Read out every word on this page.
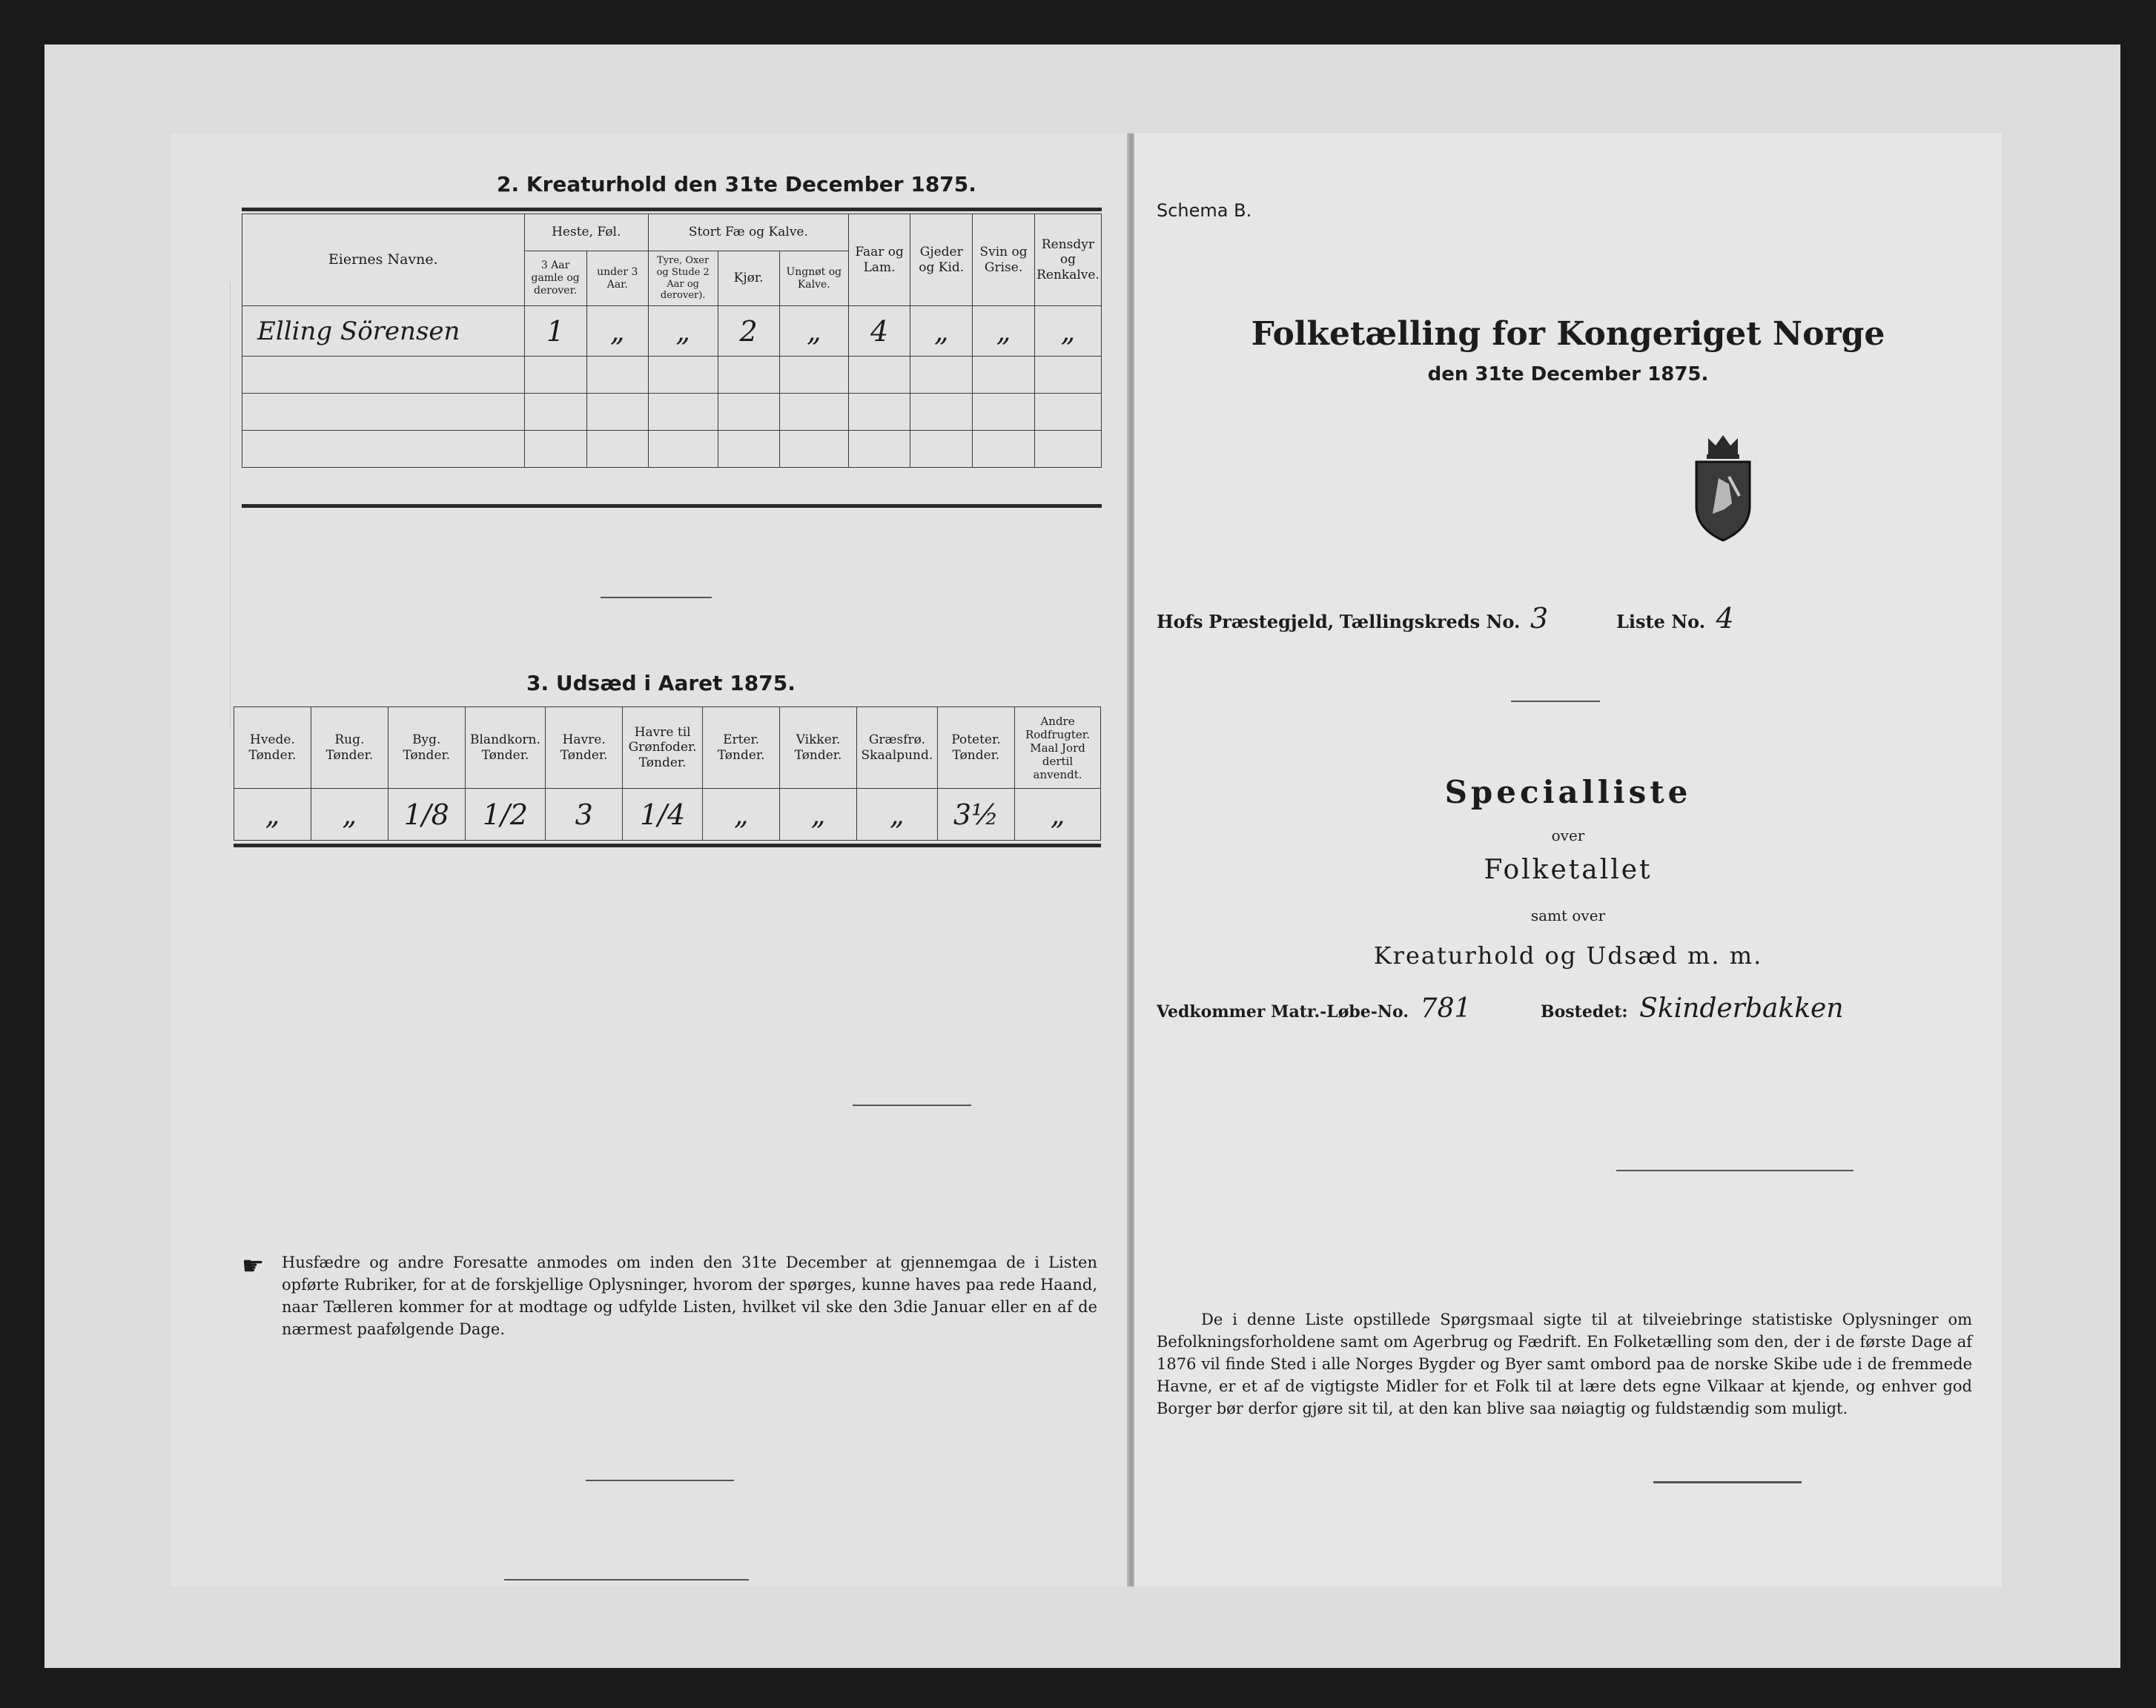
2. Kreaturhold den 31te December 1875.
Eiernes Navne.	Heste, Føl.		Stort Fæ og Kalve.			Faar og Lam.	Gjeder og Kid.	Svin og Grise.	Rensdyr og Renkalve.
	3 Aar gamle og derover.	under 3 Aar.	Tyre, Oxer og Stude 2 Aar og derover).	Kjør.	Ungnøt og Kalve.				
Elling Sörensen	1	„	„	2	„	4	„	„	„

3. Udsæd i Aaret 1875.
Hvede. Tønder.	Rug. Tønder.	Byg. Tønder.	Blandkorn. Tønder.	Havre. Tønder.	Havre til Grønfoder. Tønder.	Erter. Tønder.	Vikker. Tønder.	Græsfrø. Skaalpund.	Poteter. Tønder.	Andre Rodfrugter. Maal Jord dertil anvendt.
„	„	1/8	1/2	3	1/4	„	„	„	3½	„
☛ Husfædre og andre Foresatte anmodes om inden den 31te December at gjennemgaa de i Listen opførte Rubriker, for at de forskjellige Oplysninger, hvorom der spørges, kunne haves paa rede Haand, naar Tælleren kommer for at modtage og udfylde Listen, hvilket vil ske den 3die Januar eller en af de nærmest paafølgende Dage.
Schema B.
Folketælling for Kongeriget Norge
den 31te December 1875.
Hofs Præstegjeld, Tællingskreds No. 3	Liste No. 4
Specialliste
over
Folketallet
samt over
Kreaturhold og Udsæd m. m.
Vedkommer Matr.-Løbe-No. 781	Bostedet: Skinderbakken
De i denne Liste opstillede Spørgsmaal sigte til at tilveiebringe statistiske Oplysninger om Befolkningsforholdene samt om Agerbrug og Fædrift. En Folketælling som den, der i de første Dage af 1876 vil finde Sted i alle Norges Bygder og Byer samt ombord paa de norske Skibe ude i de fremmede Havne, er et af de vigtigste Midler for et Folk til at lære dets egne Vilkaar at kjende, og enhver god Borger bør derfor gjøre sit til, at den kan blive saa nøiagtig og fuldstændig som muligt.
